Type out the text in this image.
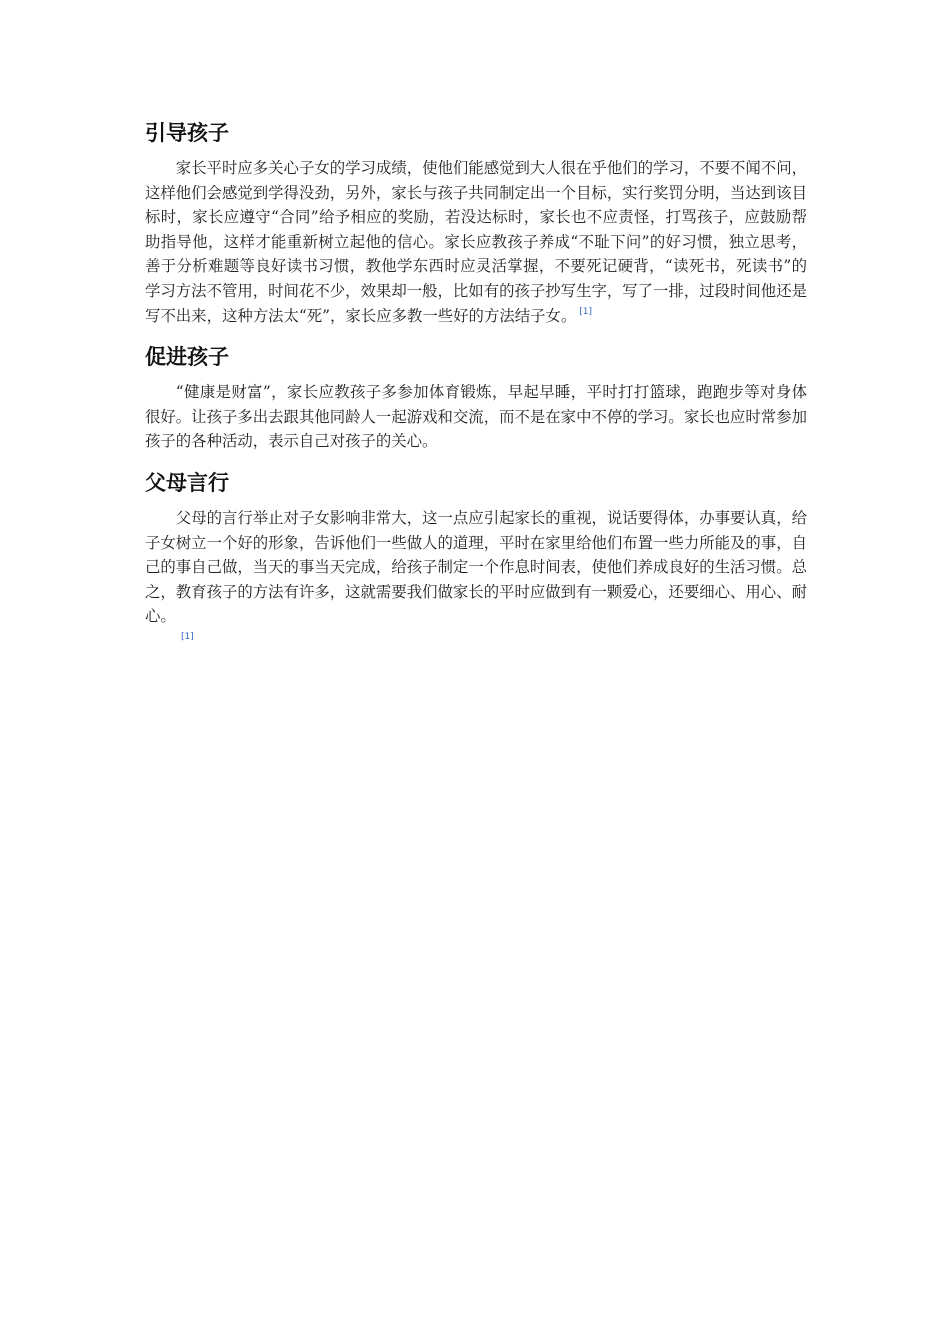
引导孩子

家长平时应多关心子女的学习成绩，使他们能感觉到大人很在乎他们的学习，不要不闻不问，这样他们会感觉到学得没劲，另外，家长与孩子共同制定出一个目标，实行奖罚分明，当达到该目标时，家长应遵守“合同”给予相应的奖励，若没达标时，家长也不应责怪，打骂孩子，应鼓励帮助指导他，这样才能重新树立起他的信心。家长应教孩子养成“不耻下问”的好习惯，独立思考，善于分析难题等良好读书习惯，教他学东西时应灵活掌握，不要死记硬背，“读死书，死读书”的学习方法不管用，时间花不少，效果却一般，比如有的孩子抄写生字，写了一排，过段时间他还是写不出来，这种方法太“死”，家长应多教一些好的方法结子女。 [1]

促进孩子

“健康是财富”，家长应教孩子多参加体育锻炼，早起早睡，平时打打篮球，跑跑步等对身体很好。让孩子多出去跟其他同龄人一起游戏和交流，而不是在家中不停的学习。家长也应时常参加孩子的各种活动，表示自己对孩子的关心。

父母言行

父母的言行举止对子女影响非常大，这一点应引起家长的重视，说话要得体，办事要认真，给子女树立一个好的形象，告诉他们一些做人的道理，平时在家里给他们布置一些力所能及的事，自己的事自己做，当天的事当天完成，给孩子制定一个作息时间表，使他们养成良好的生活习惯。总之，教育孩子的方法有许多，这就需要我们做家长的平时应做到有一颗爱心，还要细心、用心、耐心。

[1]
